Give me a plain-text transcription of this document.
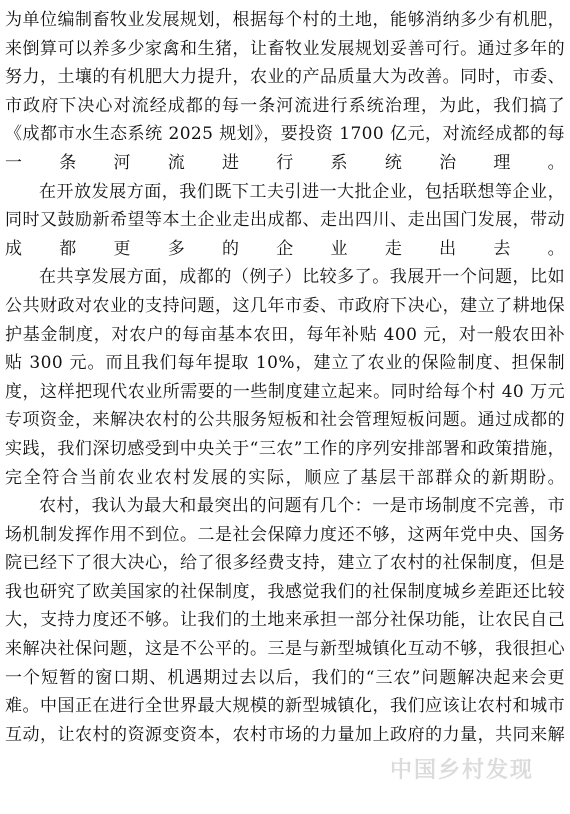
为单位编制畜牧业发展规划，根据每个村的土地，能够消纳多少有机肥，来倒算可以养多少家禽和生猪，让畜牧业发展规划妥善可行。通过多年的努力，土壤的有机肥大力提升，农业的产品质量大为改善。同时，市委、市政府下决心对流经成都的每一条河流进行系统治理，为此，我们搞了《成都市水生态系统 2025 规划》，要投资 1700 亿元，对流经成都的每一条河流进行系统治理。

在开放发展方面，我们既下工夫引进一大批企业，包括联想等企业，同时又鼓励新希望等本土企业走出成都、走出四川、走出国门发展，带动成都更多的企业走出去。

在共享发展方面，成都的（例子）比较多了。我展开一个问题，比如公共财政对农业的支持问题，这几年市委、市政府下决心，建立了耕地保护基金制度，对农户的每亩基本农田，每年补贴 400 元，对一般农田补贴 300 元。而且我们每年提取 10%，建立了农业的保险制度、担保制度，这样把现代农业所需要的一些制度建立起来。同时给每个村 40 万元专项资金，来解决农村的公共服务短板和社会管理短板问题。通过成都的实践，我们深切感受到中央关于“三农”工作的序列安排部署和政策措施，完全符合当前农业农村发展的实际，顺应了基层干部群众的新期盼。

农村，我认为最大和最突出的问题有几个：一是市场制度不完善，市场机制发挥作用不到位。二是社会保障力度还不够，这两年党中央、国务院已经下了很大决心，给了很多经费支持，建立了农村的社保制度，但是我也研究了欧美国家的社保制度，我感觉我们的社保制度城乡差距还比较大，支持力度还不够。让我们的土地来承担一部分社保功能，让农民自己来解决社保问题，这是不公平的。三是与新型城镇化互动不够，我很担心一个短暂的窗口期、机遇期过去以后，我们的“三农”问题解决起来会更难。中国正在进行全世界最大规模的新型城镇化，我们应该让农村和城市互动，让农村的资源变资本，农村市场的力量加上政府的力量，共同来解

中国乡村发现
